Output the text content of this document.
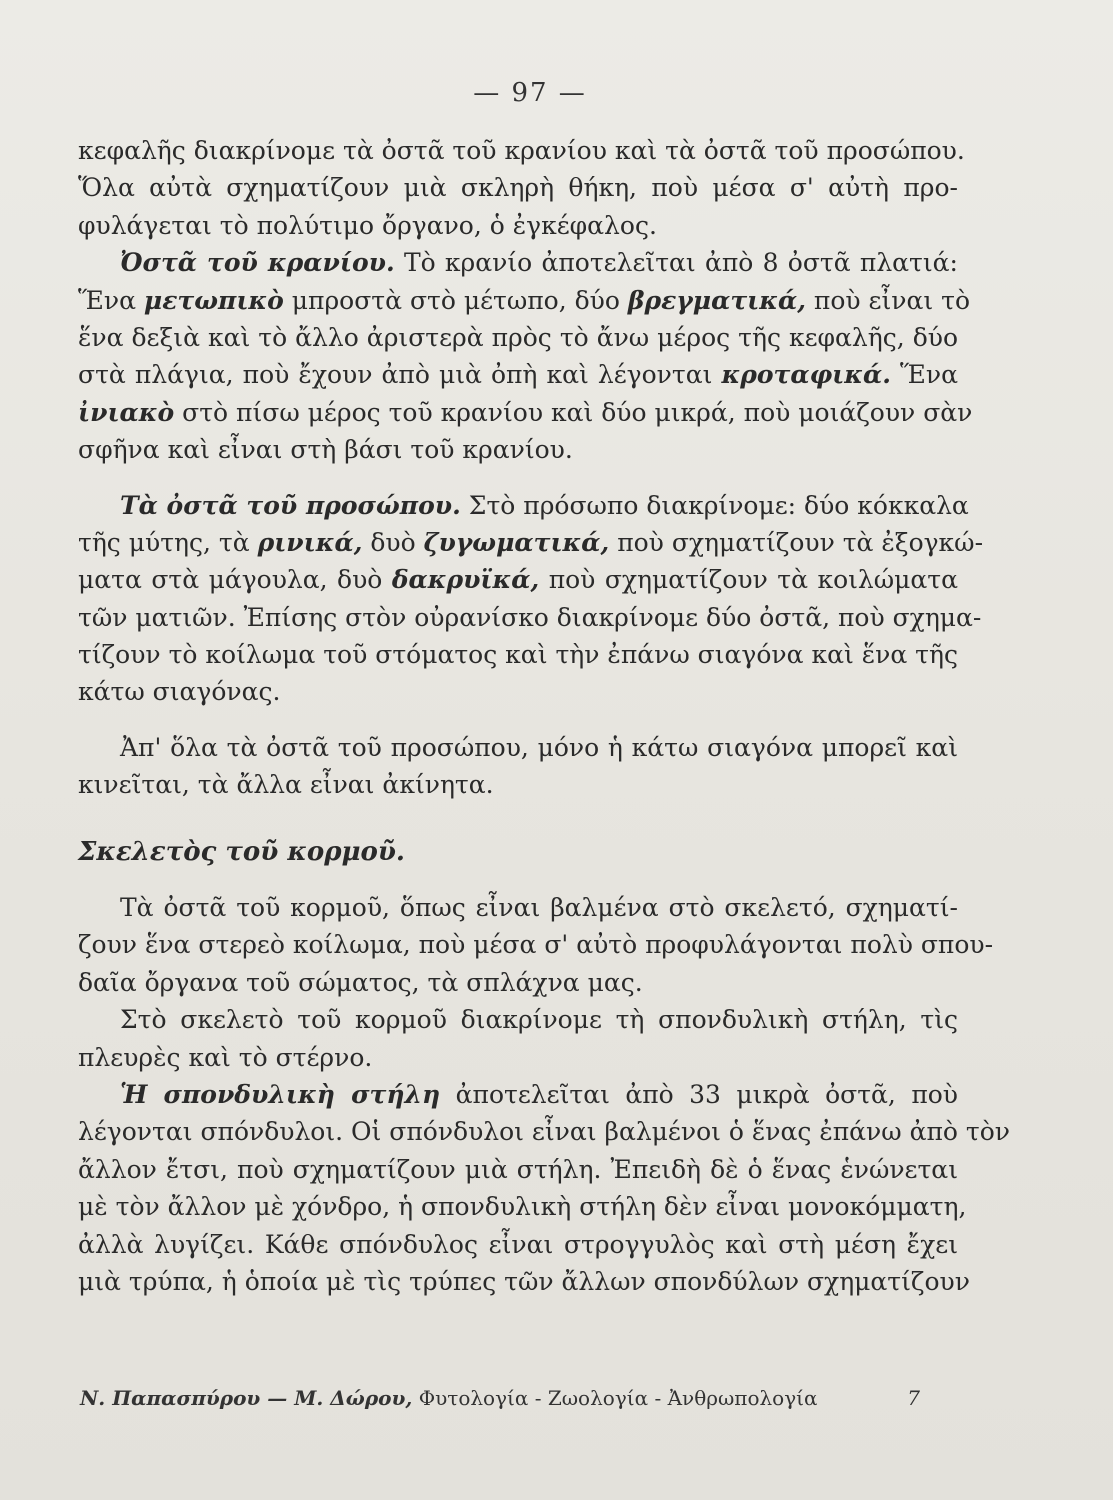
— 97 —
κεφαλῆς διακρίνομε τὰ ὀστᾶ τοῦ κρανίου καὶ τὰ ὀστᾶ τοῦ προσώπου.
Ὅλα αὐτὰ σχηματίζουν μιὰ σκληρὴ θήκη, ποὺ μέσα σ' αὐτὴ προ-
φυλάγεται τὸ πολύτιμο ὄργανο, ὁ ἐγκέφαλος.
Ὀστᾶ τοῦ κρανίου. Τὸ κρανίο ἀποτελεῖται ἀπὸ 8 ὀστᾶ πλατιά:
Ἕνα μετωπικὸ μπροστὰ στὸ μέτωπο, δύο βρεγματικά, ποὺ εἶναι τὸ
ἕνα δεξιὰ καὶ τὸ ἄλλο ἀριστερὰ πρὸς τὸ ἄνω μέρος τῆς κεφαλῆς, δύο
στὰ πλάγια, ποὺ ἔχουν ἀπὸ μιὰ ὀπὴ καὶ λέγονται κροταφικά. Ἕνα
ἰνιακὸ στὸ πίσω μέρος τοῦ κρανίου καὶ δύο μικρά, ποὺ μοιάζουν σὰν
σφῆνα καὶ εἶναι στὴ βάσι τοῦ κρανίου.
Τὰ ὀστᾶ τοῦ προσώπου. Στὸ πρόσωπο διακρίνομε: δύο κόκκαλα
τῆς μύτης, τὰ ρινικά, δυὸ ζυγωματικά, ποὺ σχηματίζουν τὰ ἐξογκώ-
ματα στὰ μάγουλα, δυὸ δακρυϊκά, ποὺ σχηματίζουν τὰ κοιλώματα
τῶν ματιῶν. Ἐπίσης στὸν οὐρανίσκο διακρίνομε δύο ὀστᾶ, ποὺ σχημα-
τίζουν τὸ κοίλωμα τοῦ στόματος καὶ τὴν ἐπάνω σιαγόνα καὶ ἕνα τῆς
κάτω σιαγόνας.
Ἀπ' ὅλα τὰ ὀστᾶ τοῦ προσώπου, μόνο ἡ κάτω σιαγόνα μπορεῖ καὶ
κινεῖται, τὰ ἄλλα εἶναι ἀκίνητα.
Σκελετὸς τοῦ κορμοῦ.
Τὰ ὀστᾶ τοῦ κορμοῦ, ὅπως εἶναι βαλμένα στὸ σκελετό, σχηματί-
ζουν ἕνα στερεὸ κοίλωμα, ποὺ μέσα σ' αὐτὸ προφυλάγονται πολὺ σπου-
δαῖα ὄργανα τοῦ σώματος, τὰ σπλάχνα μας.
Στὸ σκελετὸ τοῦ κορμοῦ διακρίνομε τὴ σπονδυλικὴ στήλη, τὶς
πλευρὲς καὶ τὸ στέρνο.
Ἡ σπονδυλικὴ στήλη ἀποτελεῖται ἀπὸ 33 μικρὰ ὀστᾶ, ποὺ
λέγονται σπόνδυλοι. Οἱ σπόνδυλοι εἶναι βαλμένοι ὁ ἕνας ἐπάνω ἀπὸ τὸν
ἄλλον ἔτσι, ποὺ σχηματίζουν μιὰ στήλη. Ἐπειδὴ δὲ ὁ ἕνας ἑνώνεται
μὲ τὸν ἄλλον μὲ χόνδρο, ἡ σπονδυλικὴ στήλη δὲν εἶναι μονοκόμματη,
ἀλλὰ λυγίζει. Κάθε σπόνδυλος εἶναι στρογγυλὸς καὶ στὴ μέση ἔχει
μιὰ τρύπα, ἡ ὁποία μὲ τὶς τρύπες τῶν ἄλλων σπονδύλων σχηματίζουν
Ν. Παπασπύρου — Μ. Δώρου, Φυτολογία - Ζωολογία - Ἀνθρωπολογία	7
